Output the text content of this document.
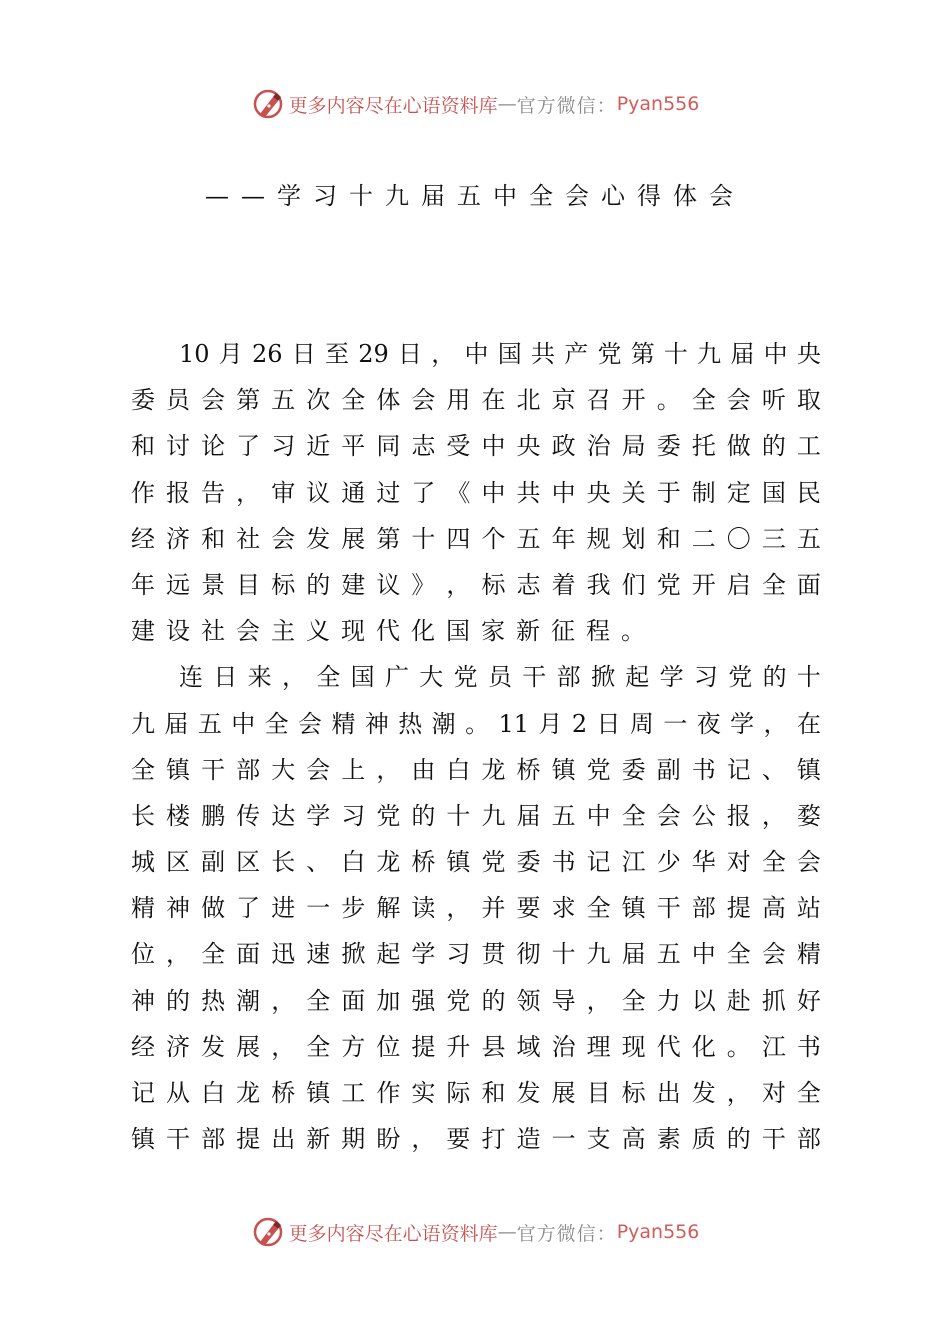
更多内容尽在心语资料库 — 官方微信： Pyan556
——学习十九届五中全会心得体会
10 月 26 日 至 29 日 ， 中 国 共 产 党 第 十 九 届 中 央
委 员 会 第 五 次 全 体 会 用 在 北 京 召 开 。 全 会 听 取
和 讨 论 了 习 近 平 同 志 受 中 央 政 治 局 委 托 做 的 工
作 报 告 ， 审 议 通 过 了 《 中 共 中 央 关 于 制 定 国 民
经 济 和 社 会 发 展 第 十 四 个 五 年 规 划 和 二 〇 三 五
年 远 景 目 标 的 建 议 》 ， 标 志 着 我 们 党 开 启 全 面
建 设 社 会 主 义 现 代 化 国 家 新 征 程 。
连 日 来 ， 全 国 广 大 党 员 干 部 掀 起 学 习 党 的 十
九 届 五 中 全 会 精 神 热 潮 。 11 月 2 日 周 一 夜 学 ， 在
全 镇 干 部 大 会 上 ， 由 白 龙 桥 镇 党 委 副 书 记 、 镇
长 楼 鹏 传 达 学 习 党 的 十 九 届 五 中 全 会 公 报 ， 婺
城 区 副 区 长 、 白 龙 桥 镇 党 委 书 记 江 少 华 对 全 会
精 神 做 了 进 一 步 解 读 ， 并 要 求 全 镇 干 部 提 高 站
位 ， 全 面 迅 速 掀 起 学 习 贯 彻 十 九 届 五 中 全 会 精
神 的 热 潮 ， 全 面 加 强 党 的 领 导 ， 全 力 以 赴 抓 好
经 济 发 展 ， 全 方 位 提 升 县 域 治 理 现 代 化 。 江 书
记 从 白 龙 桥 镇 工 作 实 际 和 发 展 目 标 出 发 ， 对 全
镇 干 部 提 出 新 期 盼 ， 要 打 造 一 支 高 素 质 的 干 部
更多内容尽在心语资料库 — 官方微信： Pyan556
